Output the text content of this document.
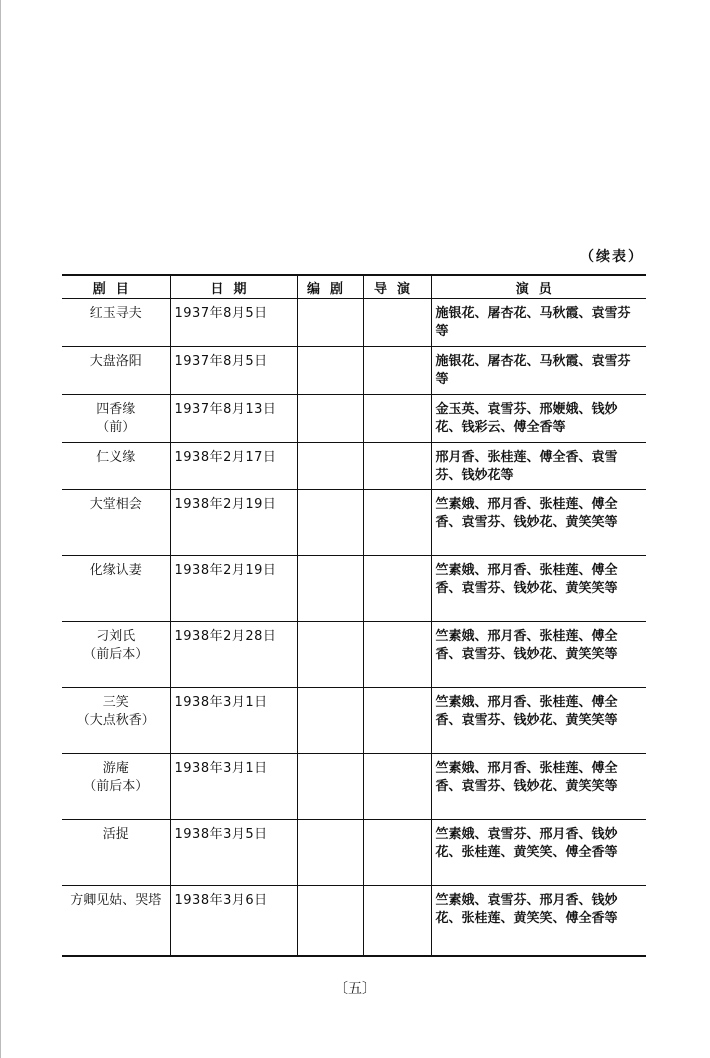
（续表）
剧目	日期	编剧	导演	演员

红玉寻夫	1937年8月5日			施银花、屠杏花、马秋霞、袁雪芬等

大盘洛阳	1937年8月5日			施银花、屠杏花、马秋霞、袁雪芬等

四香缘
（前）	1937年8月13日			金玉英、袁雪芬、邢㛹娥、钱妙花、钱彩云、傅全香等

仁义缘	1938年2月17日			邢月香、张桂莲、傅全香、袁雪芬、钱妙花等

大堂相会	1938年2月19日			竺素娥、邢月香、张桂莲、傅全香、袁雪芬、钱妙花、黄笑笑等

化缘认妻	1938年2月19日			竺素娥、邢月香、张桂莲、傅全香、袁雪芬、钱妙花、黄笑笑等

刁刘氏
（前后本）	1938年2月28日			竺素娥、邢月香、张桂莲、傅全香、袁雪芬、钱妙花、黄笑笑等

三笑
（大点秋香）	1938年3月1日			竺素娥、邢月香、张桂莲、傅全香、袁雪芬、钱妙花、黄笑笑等

游庵
（前后本）	1938年3月1日			竺素娥、邢月香、张桂莲、傅全香、袁雪芬、钱妙花、黄笑笑等

活捉	1938年3月5日			竺素娥、袁雪芬、邢月香、钱妙花、张桂莲、黄笑笑、傅全香等

方卿见姑、哭塔	1938年3月6日			竺素娥、袁雪芬、邢月香、钱妙花、张桂莲、黄笑笑、傅全香等
〔五〕
